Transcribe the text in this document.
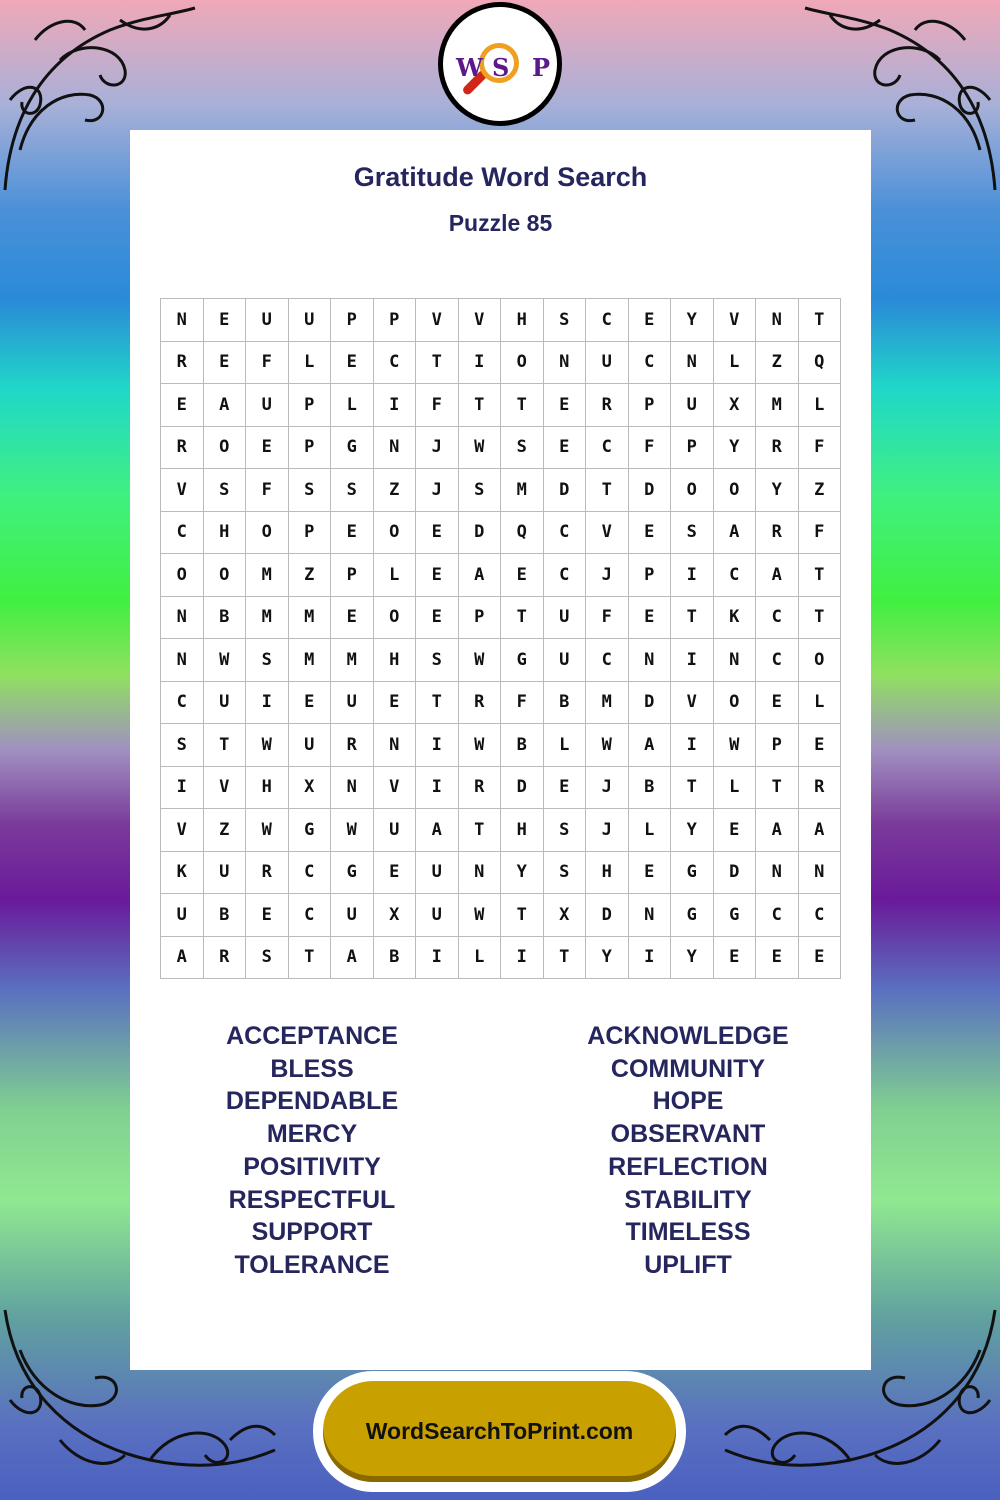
W S P
Gratitude Word Search
Puzzle 85
N	E	U	U	P	P	V	V	H	S	C	E	Y	V	N	T
R	E	F	L	E	C	T	I	O	N	U	C	N	L	Z	Q
E	A	U	P	L	I	F	T	T	E	R	P	U	X	M	L
R	O	E	P	G	N	J	W	S	E	C	F	P	Y	R	F
V	S	F	S	S	Z	J	S	M	D	T	D	O	O	Y	Z
C	H	O	P	E	O	E	D	Q	C	V	E	S	A	R	F
O	O	M	Z	P	L	E	A	E	C	J	P	I	C	A	T
N	B	M	M	E	O	E	P	T	U	F	E	T	K	C	T
N	W	S	M	M	H	S	W	G	U	C	N	I	N	C	O
C	U	I	E	U	E	T	R	F	B	M	D	V	O	E	L
S	T	W	U	R	N	I	W	B	L	W	A	I	W	P	E
I	V	H	X	N	V	I	R	D	E	J	B	T	L	T	R
V	Z	W	G	W	U	A	T	H	S	J	L	Y	E	A	A
K	U	R	C	G	E	U	N	Y	S	H	E	G	D	N	N
U	B	E	C	U	X	U	W	T	X	D	N	G	G	C	C
A	R	S	T	A	B	I	L	I	T	Y	I	Y	E	E	E
ACCEPTANCE
BLESS
DEPENDABLE
MERCY
POSITIVITY
RESPECTFUL
SUPPORT
TOLERANCE
ACKNOWLEDGE
COMMUNITY
HOPE
OBSERVANT
REFLECTION
STABILITY
TIMELESS
UPLIFT
WordSearchToPrint.com
